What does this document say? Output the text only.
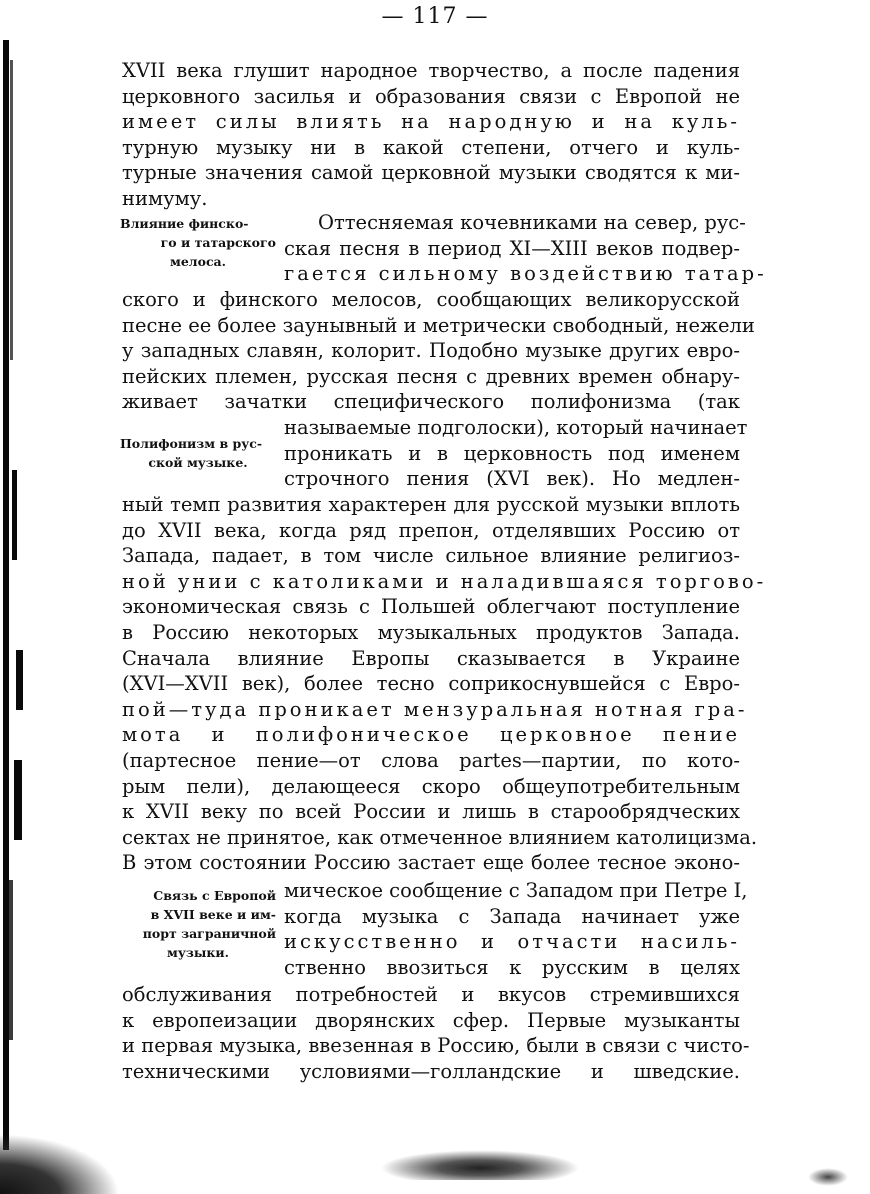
— 117 —

XVII века глушит народное творчество, а после падения

церковного засилья и образования связи с Европой не

имеет силы влиять на народную и на куль-

турную музыку ни в какой степени, отчего и куль-

турные значения самой церковной музыки сводятся к ми-

нимуму.

Влияние финско-
го и татарского
мелоса.

Оттесняемая кочевниками на север, рус-

ская песня в период XI—XIII веков подвер-

гается сильному воздействию татар-

ского и финского мелосов, сообщающих великорусской

песне ее более заунывный и метрически свободный, нежели

у западных славян, колорит. Подобно музыке других евро-

пейских племен, русская песня с древних времен обнару-

живает зачатки специфического полифонизма (так

Полифонизм в рус-
ской музыке.

называемые подголоски), который начинает

проникать и в церковность под именем

строчного пения (XVI век). Но медлен-

ный темп развития характерен для русской музыки вплоть

до XVII века, когда ряд препон, отделявших Россию от

Запада, падает, в том числе сильное влияние религиоз-

ной унии с католиками и наладившаяся торгово-

экономическая связь с Польшей облегчают поступление

в Россию некоторых музыкальных продуктов Запада.

Сначала влияние Европы сказывается в Украине

(XVI—XVII век), более тесно соприкоснувшейся с Евро-

пой—туда проникает мензуральная нотная гра-

мота и полифоническое церковное пение

(партесное пение—от слова partes—партии, по кото-

рым пели), делающееся скоро общеупотребительным

к XVII веку по всей России и лишь в старообрядческих

сектах не принятое, как отмеченное влиянием католицизма.

В этом состоянии Россию застает еще более тесное эконо-

Связь с Европой
в XVII веке и им-
порт заграничной
музыки.

мическое сообщение с Западом при Петре I,

когда музыка с Запада начинает уже

искусственно и отчасти насиль-

ственно ввозиться к русским в целях

обслуживания потребностей и вкусов стремившихся

к европеизации дворянских сфер. Первые музыканты

и первая музыка, ввезенная в Россию, были в связи с чисто-

техническими условиями—голландские и шведские.
